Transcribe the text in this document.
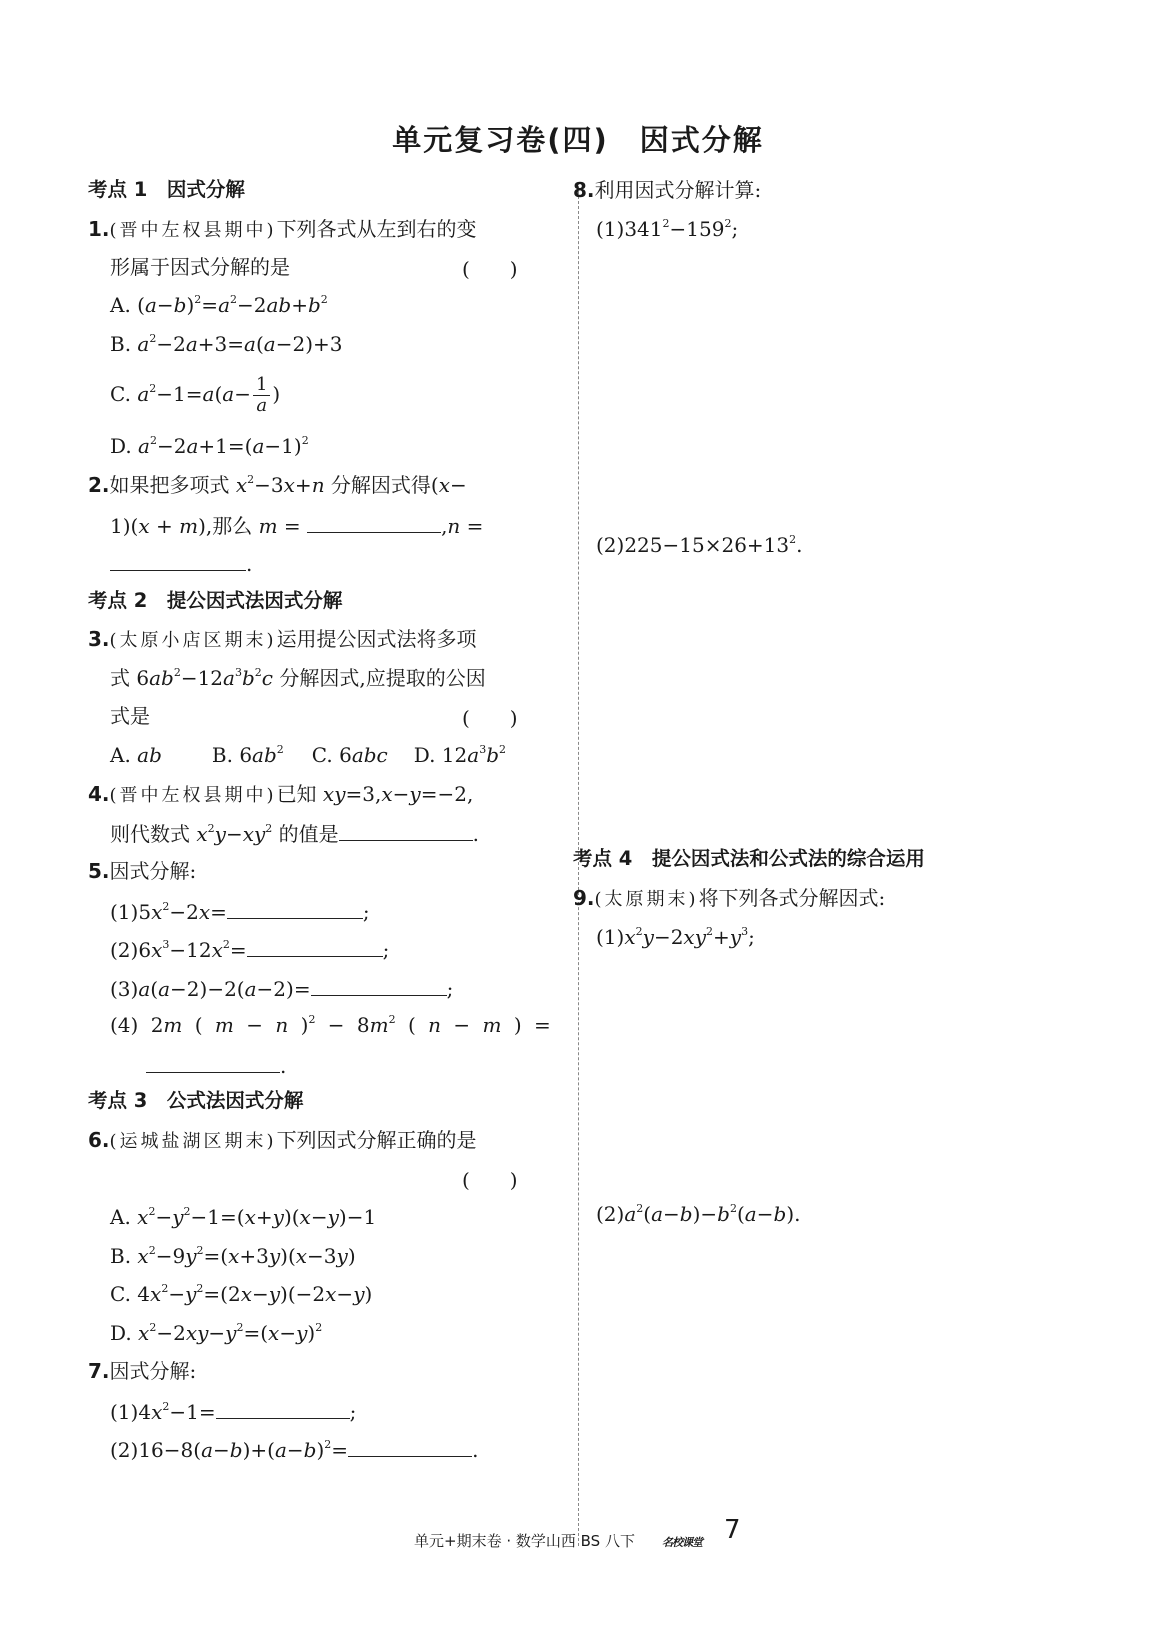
单元复习卷(四)　因式分解
考点 1　因式分解
1.(晋中左权县期中)下列各式从左到右的变
形属于因式分解的是	(　　)
A. $(a-b)^2=a^2-2ab+b^2$
B. $a^2-2a+3=a(a-2)+3$
C. $a^2-1=a(a- \frac{1}{a}$ )
D. $a^2-2a+1=(a-1)^2$
2.如果把多项式 $x^2-3x+n$ 分解因式得(x−
1)(x + m),那么 m =	,n =
.
考点 2　提公因式法因式分解
3.(太原小店区期末)运用提公因式法将多项
式 $6ab^2-12a^3b^2c$ 分解因式,应提取的公因
式是	(　　)
A. ab	B. $6ab^2$ C. 6abc D. $12a^3b^2$
4.(晋中左权县期中)已知 xy=3,x−y=−2,
则代数式 $x^2y-xy^2$ 的值是	.
5.因式分解:
$(1)5x^2-2x=$	;
$(2)6x^3-12x^2=$	;
(3)a(a−2)−2(a−2)=	;
(4) 2m ( m − n )$^2 - 8m^2$ ( n − m ) =
.
考点 3　公式法因式分解
6.(运城盐湖区期末)下列因式分解正确的是
(　　)
A. $x^2-y^2-1=(x+y)(x-y)-1$
B. $x^2-9y^2=(x+3y)(x-3y)$
C. $4x^2-y^2=(2x-y)(-2x-y)$
D. $x^2-2xy-y^2=(x-y)^2$
7.因式分解:
$(1)4x^2-1=$	;
$(2)16-8(a-b)+(a-b)^2=$	.
8.利用因式分解计算:
$(1)341^2-159^2$;
$(2)225-15\times 26+13^2$.
考点 4　提公因式法和公式法的综合运用
9.(太原期末)将下列各式分解因式:
$(1)x^2y-2xy^2+y^3$;
$(2)a^2(a-b)-b^2(a-b)$.
单元+期末卷 · 数学山西 BS 八下 名校课堂 7
